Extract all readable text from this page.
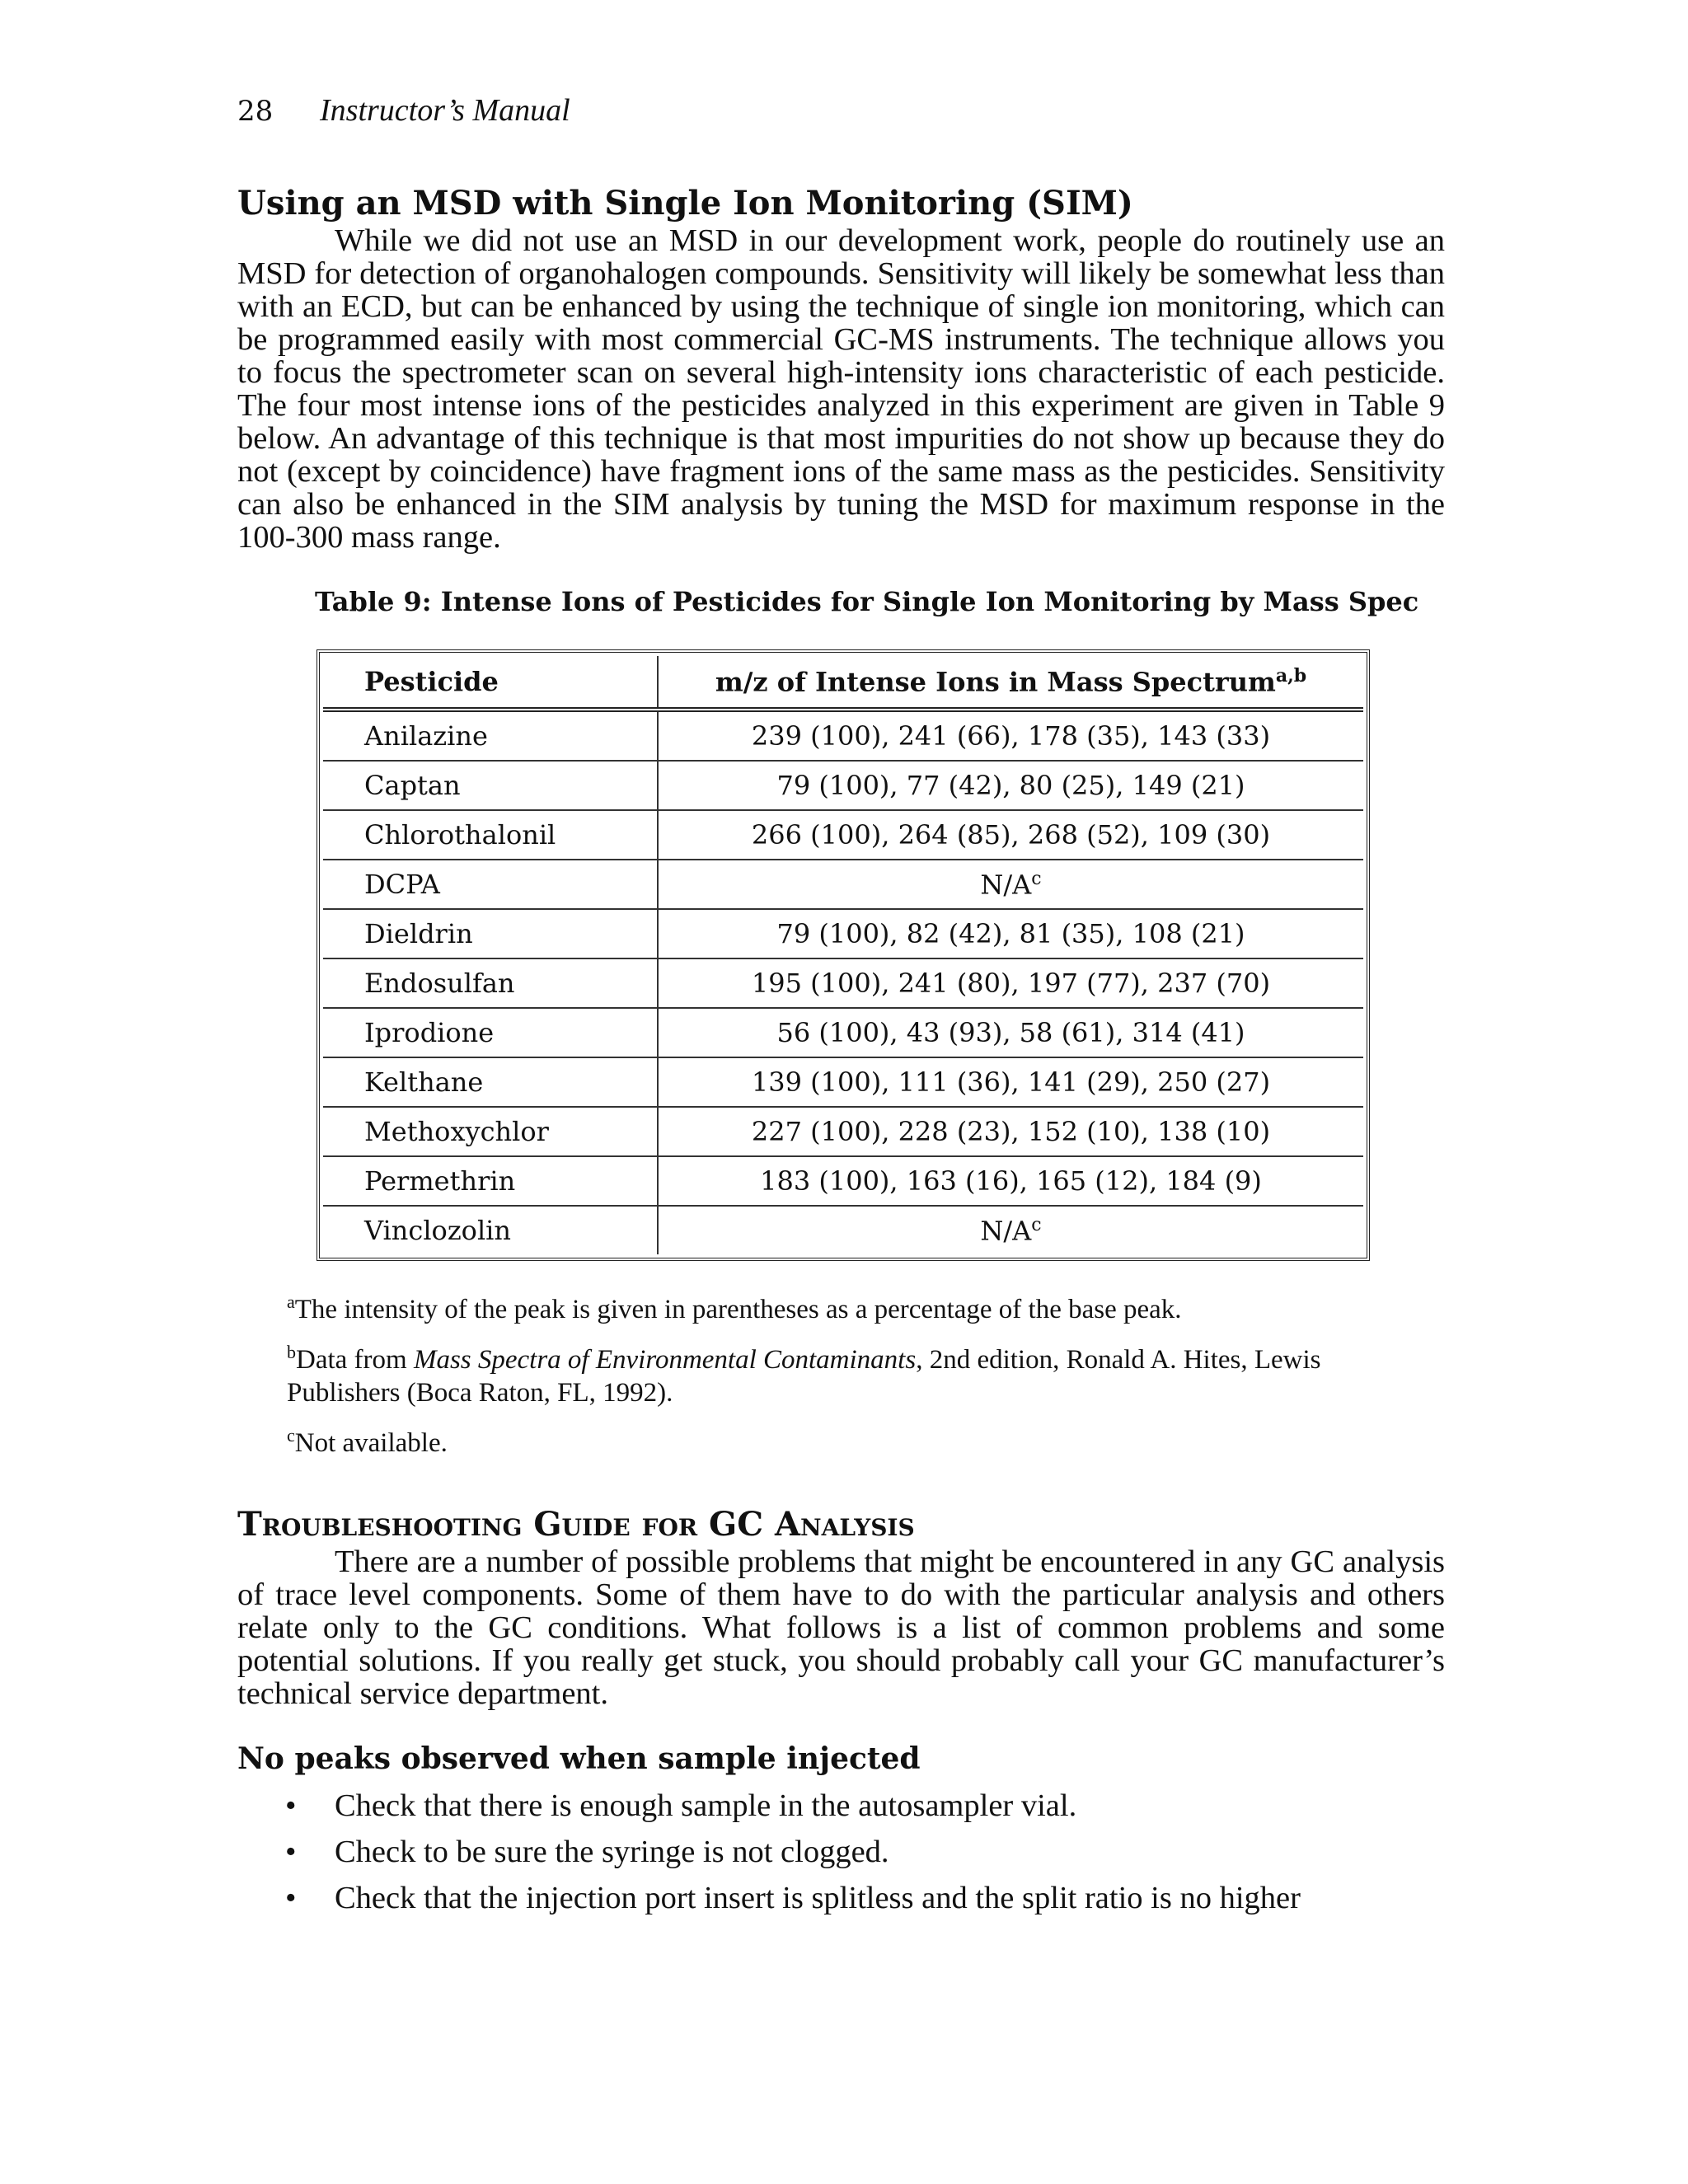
28 Instructor’s Manual
Using an MSD with Single Ion Monitoring (SIM)

While we did not use an MSD in our development work, people do routinely use an MSD for detection of organohalogen compounds. Sensitivity will likely be somewhat less than with an ECD, but can be enhanced by using the technique of single ion monitoring, which can be programmed easily with most commercial GC-MS instruments. The technique allows you to focus the spectrometer scan on several high-intensity ions characteristic of each pesticide. The four most intense ions of the pesticides analyzed in this experiment are given in Table 9 below. An advantage of this technique is that most impurities do not show up because they do not (except by coincidence) have fragment ions of the same mass as the pesticides. Sensitivity can also be enhanced in the SIM analysis by tuning the MSD for maximum response in the 100-300 mass range.

Table 9: Intense Ions of Pesticides for Single Ion Monitoring by Mass Spec
Pesticide	m/z of Intense Ions in Mass Spectrum$^{a,b}$
Anilazine	239 (100), 241 (66), 178 (35), 143 (33)
Captan	79 (100), 77 (42), 80 (25), 149 (21)
Chlorothalonil	266 (100), 264 (85), 268 (52), 109 (30)
DCPA	$N/A^c$
Dieldrin	79 (100), 82 (42), 81 (35), 108 (21)
Endosulfan	195 (100), 241 (80), 197 (77), 237 (70)
Iprodione	56 (100), 43 (93), 58 (61), 314 (41)
Kelthane	139 (100), 111 (36), 141 (29), 250 (27)
Methoxychlor	227 (100), 228 (23), 152 (10), 138 (10)
Permethrin	183 (100), 163 (16), 165 (12), 184 (9)
Vinclozolin	$N/A^c$
$^a$The intensity of the peak is given in parentheses as a percentage of the base peak.
$^b$Data from Mass Spectra of Environmental Contaminants, 2nd edition, Ronald A. Hites, Lewis Publishers (Boca Raton, FL, 1992).
$^c$Not available.
Troubleshooting Guide for GC Analysis

There are a number of possible problems that might be encountered in any GC analysis of trace level components. Some of them have to do with the particular analysis and others relate only to the GC conditions. What follows is a list of common problems and some potential solutions. If you really get stuck, you should probably call your GC manufacturer’s technical service department.

No peaks observed when sample injected
• Check that there is enough sample in the autosampler vial.
• Check to be sure the syringe is not clogged.
• Check that the injection port insert is splitless and the split ratio is no higher
